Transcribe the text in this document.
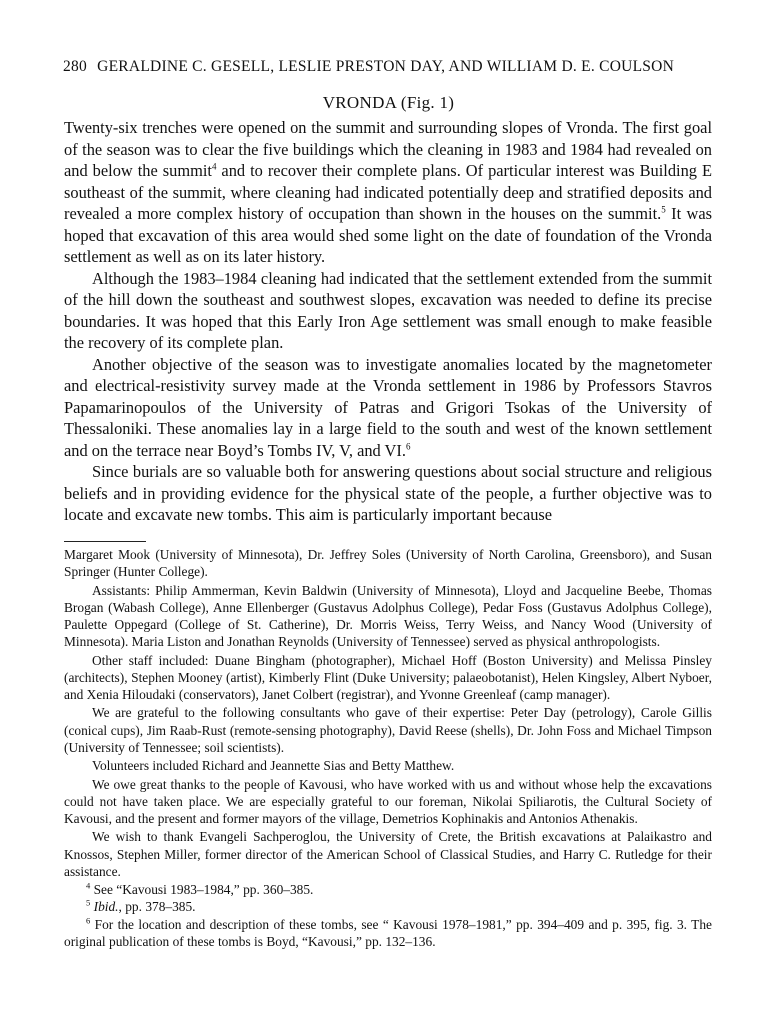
280 GERALDINE C. GESELL, LESLIE PRESTON DAY, AND WILLIAM D. E. COULSON
VRONDA (Fig. 1)

Twenty-six trenches were opened on the summit and surrounding slopes of Vronda. The first goal of the season was to clear the five buildings which the cleaning in 1983 and 1984 had revealed on and below the summit$^4$ and to recover their complete plans. Of particular interest was Building E southeast of the summit, where cleaning had indicated potentially deep and stratified deposits and revealed a more complex history of occupation than shown in the houses on the summit.$^5$ It was hoped that excavation of this area would shed some light on the date of foundation of the Vronda settlement as well as on its later history.

Although the 1983–1984 cleaning had indicated that the settlement extended from the summit of the hill down the southeast and southwest slopes, excavation was needed to define its precise boundaries. It was hoped that this Early Iron Age settlement was small enough to make feasible the recovery of its complete plan.

Another objective of the season was to investigate anomalies located by the magnetometer and electrical-resistivity survey made at the Vronda settlement in 1986 by Professors Stavros Papamarinopoulos of the University of Patras and Grigori Tsokas of the University of Thessaloniki. These anomalies lay in a large field to the south and west of the known settlement and on the terrace near Boyd’s Tombs IV, V, and VI.$^6$

Since burials are so valuable both for answering questions about social structure and religious beliefs and in providing evidence for the physical state of the people, a further objective was to locate and excavate new tombs. This aim is particularly important because

Margaret Mook (University of Minnesota), Dr. Jeffrey Soles (University of North Carolina, Greensboro), and Susan Springer (Hunter College).

Assistants: Philip Ammerman, Kevin Baldwin (University of Minnesota), Lloyd and Jacqueline Beebe, Thomas Brogan (Wabash College), Anne Ellenberger (Gustavus Adolphus College), Pedar Foss (Gustavus Adolphus College), Paulette Oppegard (College of St. Catherine), Dr. Morris Weiss, Terry Weiss, and Nancy Wood (University of Minnesota). Maria Liston and Jonathan Reynolds (University of Tennessee) served as physical anthropologists.

Other staff included: Duane Bingham (photographer), Michael Hoff (Boston University) and Melissa Pinsley (architects), Stephen Mooney (artist), Kimberly Flint (Duke University; palaeobotanist), Helen Kingsley, Albert Nyboer, and Xenia Hiloudaki (conservators), Janet Colbert (registrar), and Yvonne Greenleaf (camp manager).

We are grateful to the following consultants who gave of their expertise: Peter Day (petrology), Carole Gillis (conical cups), Jim Raab-Rust (remote-sensing photography), David Reese (shells), Dr. John Foss and Michael Timpson (University of Tennessee; soil scientists).

Volunteers included Richard and Jeannette Sias and Betty Matthew.

We owe great thanks to the people of Kavousi, who have worked with us and without whose help the excavations could not have taken place. We are especially grateful to our foreman, Nikolai Spiliarotis, the Cultural Society of Kavousi, and the present and former mayors of the village, Demetrios Kophinakis and Antonios Athenakis.

We wish to thank Evangeli Sachperoglou, the University of Crete, the British excavations at Palaikastro and Knossos, Stephen Miller, former director of the American School of Classical Studies, and Harry C. Rutledge for their assistance.

$^4$ See “Kavousi 1983–1984,” pp. 360–385.

$^5$ Ibid., pp. 378–385.

$^6$ For the location and description of these tombs, see “ Kavousi 1978–1981,” pp. 394–409 and p. 395, fig. 3. The original publication of these tombs is Boyd, “Kavousi,” pp. 132–136.
